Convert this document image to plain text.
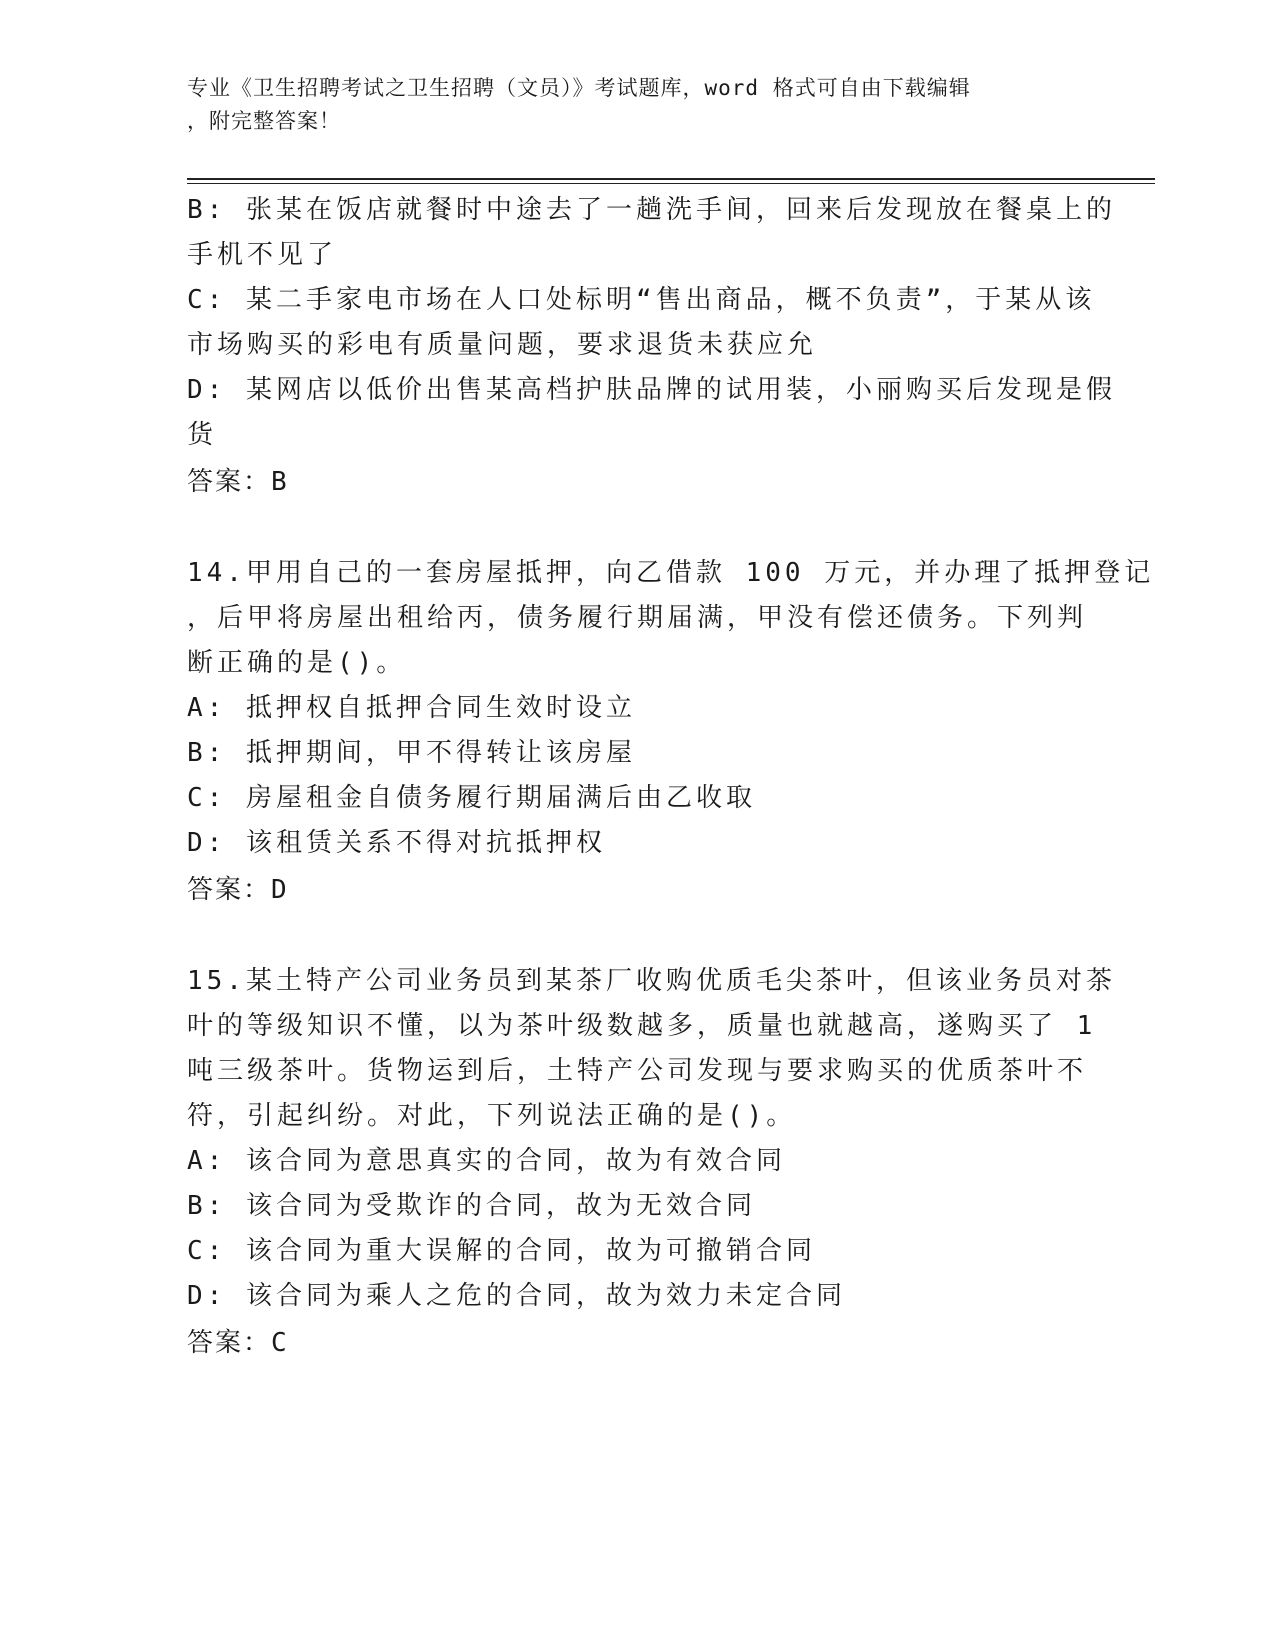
专业《卫生招聘考试之卫生招聘（文员）》考试题库，word 格式可自由下载编辑
，附完整答案！
B: 张某在饭店就餐时中途去了一趟洗手间，回来后发现放在餐桌上的
手机不见了
C: 某二手家电市场在人口处标明“售出商品，概不负责”，于某从该
市场购买的彩电有质量问题，要求退货未获应允
D: 某网店以低价出售某高档护肤品牌的试用装，小丽购买后发现是假
货
答案：B
14.甲用自己的一套房屋抵押，向乙借款 100 万元，并办理了抵押登记
，后甲将房屋出租给丙，债务履行期届满，甲没有偿还债务。下列判
断正确的是()。
A: 抵押权自抵押合同生效时设立
B: 抵押期间，甲不得转让该房屋
C: 房屋租金自债务履行期届满后由乙收取
D: 该租赁关系不得对抗抵押权
答案：D
15.某土特产公司业务员到某茶厂收购优质毛尖茶叶，但该业务员对茶
叶的等级知识不懂，以为茶叶级数越多，质量也就越高，遂购买了 1
吨三级茶叶。货物运到后，土特产公司发现与要求购买的优质茶叶不
符，引起纠纷。对此，下列说法正确的是()。
A: 该合同为意思真实的合同，故为有效合同
B: 该合同为受欺诈的合同，故为无效合同
C: 该合同为重大误解的合同，故为可撤销合同
D: 该合同为乘人之危的合同，故为效力未定合同
答案：C
